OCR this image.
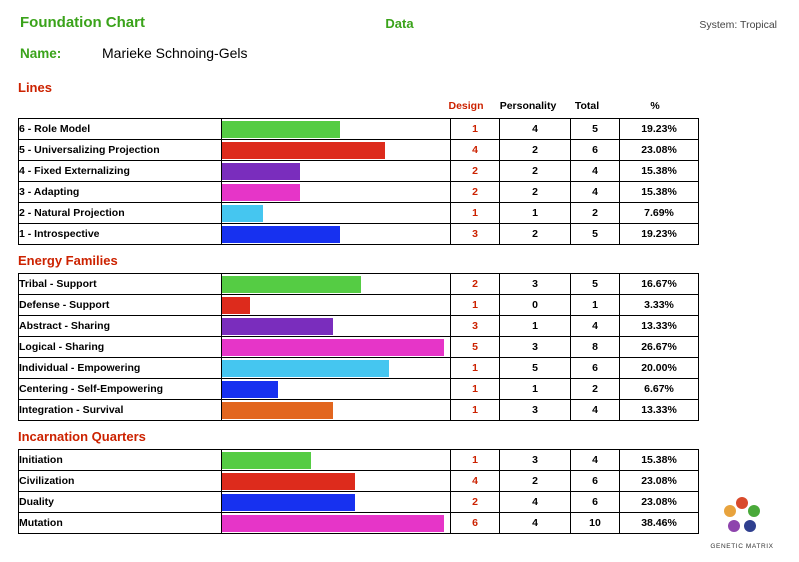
Foundation Chart	Data	System: Tropical
Name:	Marieke Schnoing-Gels
Lines
Design	Personality	Total	%
6 - Role Model		1	4	5	19.23%
5 - Universalizing Projection		4	2	6	23.08%
4 - Fixed Externalizing		2	2	4	15.38%
3 - Adapting		2	2	4	15.38%
2 - Natural Projection		1	1	2	7.69%
1 - Introspective		3	2	5	19.23%
Energy Families
Tribal - Support		2	3	5	16.67%
Defense - Support		1	0	1	3.33%
Abstract - Sharing		3	1	4	13.33%
Logical - Sharing		5	3	8	26.67%
Individual - Empowering		1	5	6	20.00%
Centering - Self-Empowering		1	1	2	6.67%
Integration - Survival		1	3	4	13.33%
Incarnation Quarters
Initiation		1	3	4	15.38%
Civilization		4	2	6	23.08%
Duality		2	4	6	23.08%
Mutation		6	4	10	38.46%
GENETIC MATRIX
